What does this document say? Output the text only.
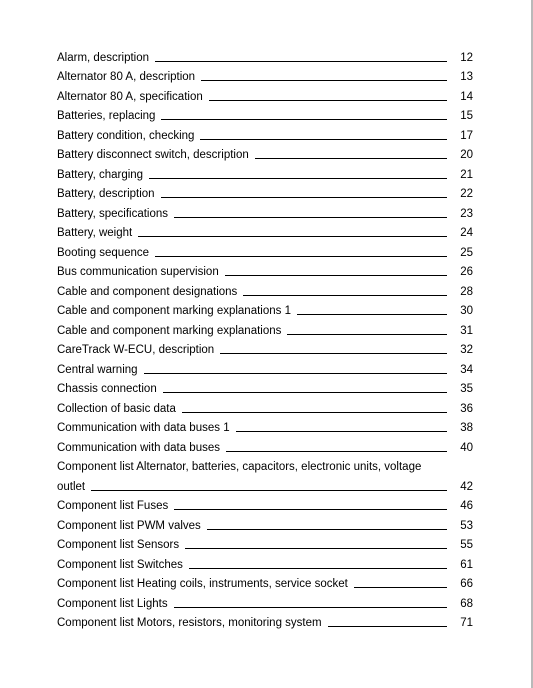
Alarm, description	12
Alternator 80 A, description	13
Alternator 80 A, specification	14
Batteries, replacing	15
Battery condition, checking	17
Battery disconnect switch, description	20
Battery, charging	21
Battery, description	22
Battery, specifications	23
Battery, weight	24
Booting sequence	25
Bus communication supervision	26
Cable and component designations	28
Cable and component marking explanations 1	30
Cable and component marking explanations	31
CareTrack W-ECU, description	32
Central warning	34
Chassis connection	35
Collection of basic data	36
Communication with data buses 1	38
Communication with data buses	40
Component list Alternator, batteries, capacitors, electronic units, voltage
outlet	42
Component list Fuses	46
Component list PWM valves	53
Component list Sensors	55
Component list Switches	61
Component list Heating coils, instruments, service socket	66
Component list Lights	68
Component list Motors, resistors, monitoring system	71
